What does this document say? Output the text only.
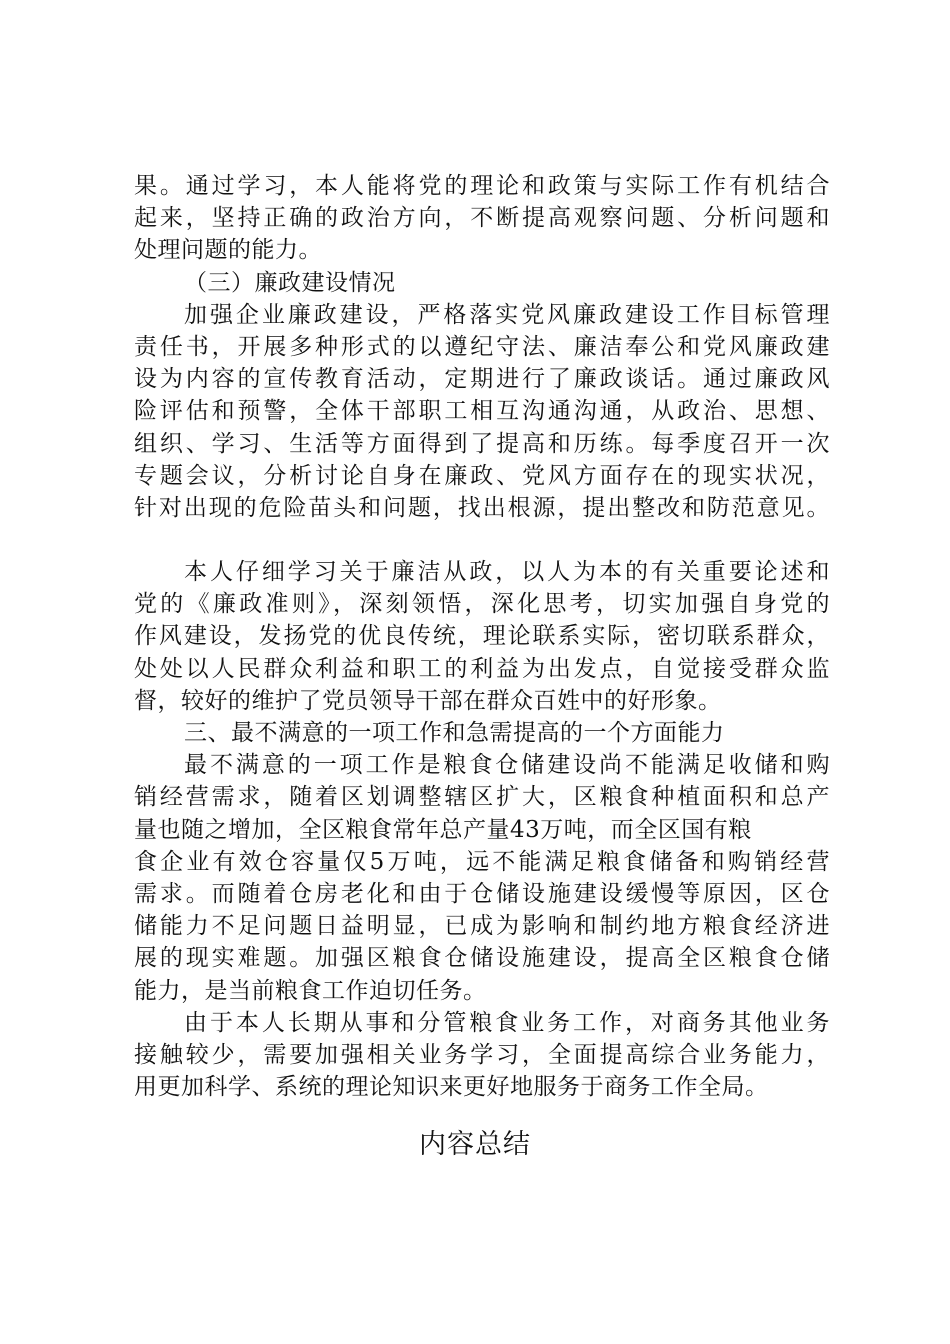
果。通过学习，本人能将党的理论和政策与实际工作有机结合
起来，坚持正确的政治方向，不断提高观察问题、分析问题和
处理问题的能力。
（三）廉政建设情况
加强企业廉政建设，严格落实党风廉政建设工作目标管理
责任书，开展多种形式的以遵纪守法、廉洁奉公和党风廉政建
设为内容的宣传教育活动，定期进行了廉政谈话。通过廉政风
险评估和预警，全体干部职工相互沟通沟通，从政治、思想、
组织、学习、生活等方面得到了提高和历练。每季度召开一次
专题会议，分析讨论自身在廉政、党风方面存在的现实状况，
针对出现的危险苗头和问题，找出根源，提出整改和防范意见。
本人仔细学习关于廉洁从政，以人为本的有关重要论述和
党的《廉政准则》，深刻领悟，深化思考，切实加强自身党的
作风建设，发扬党的优良传统，理论联系实际，密切联系群众，
处处以人民群众利益和职工的利益为出发点，自觉接受群众监
督，较好的维护了党员领导干部在群众百姓中的好形象。
三、最不满意的一项工作和急需提高的一个方面能力
最不满意的一项工作是粮食仓储建设尚不能满足收储和购
销经营需求，随着区划调整辖区扩大，区粮食种植面积和总产
量也随之增加，全区粮食常年总产量43万吨，而全区国有粮
食企业有效仓容量仅5万吨，远不能满足粮食储备和购销经营
需求。而随着仓房老化和由于仓储设施建设缓慢等原因，区仓
储能力不足问题日益明显，已成为影响和制约地方粮食经济进
展的现实难题。加强区粮食仓储设施建设，提高全区粮食仓储
能力，是当前粮食工作迫切任务。
由于本人长期从事和分管粮食业务工作，对商务其他业务
接触较少，需要加强相关业务学习，全面提高综合业务能力，
用更加科学、系统的理论知识来更好地服务于商务工作全局。
内容总结
